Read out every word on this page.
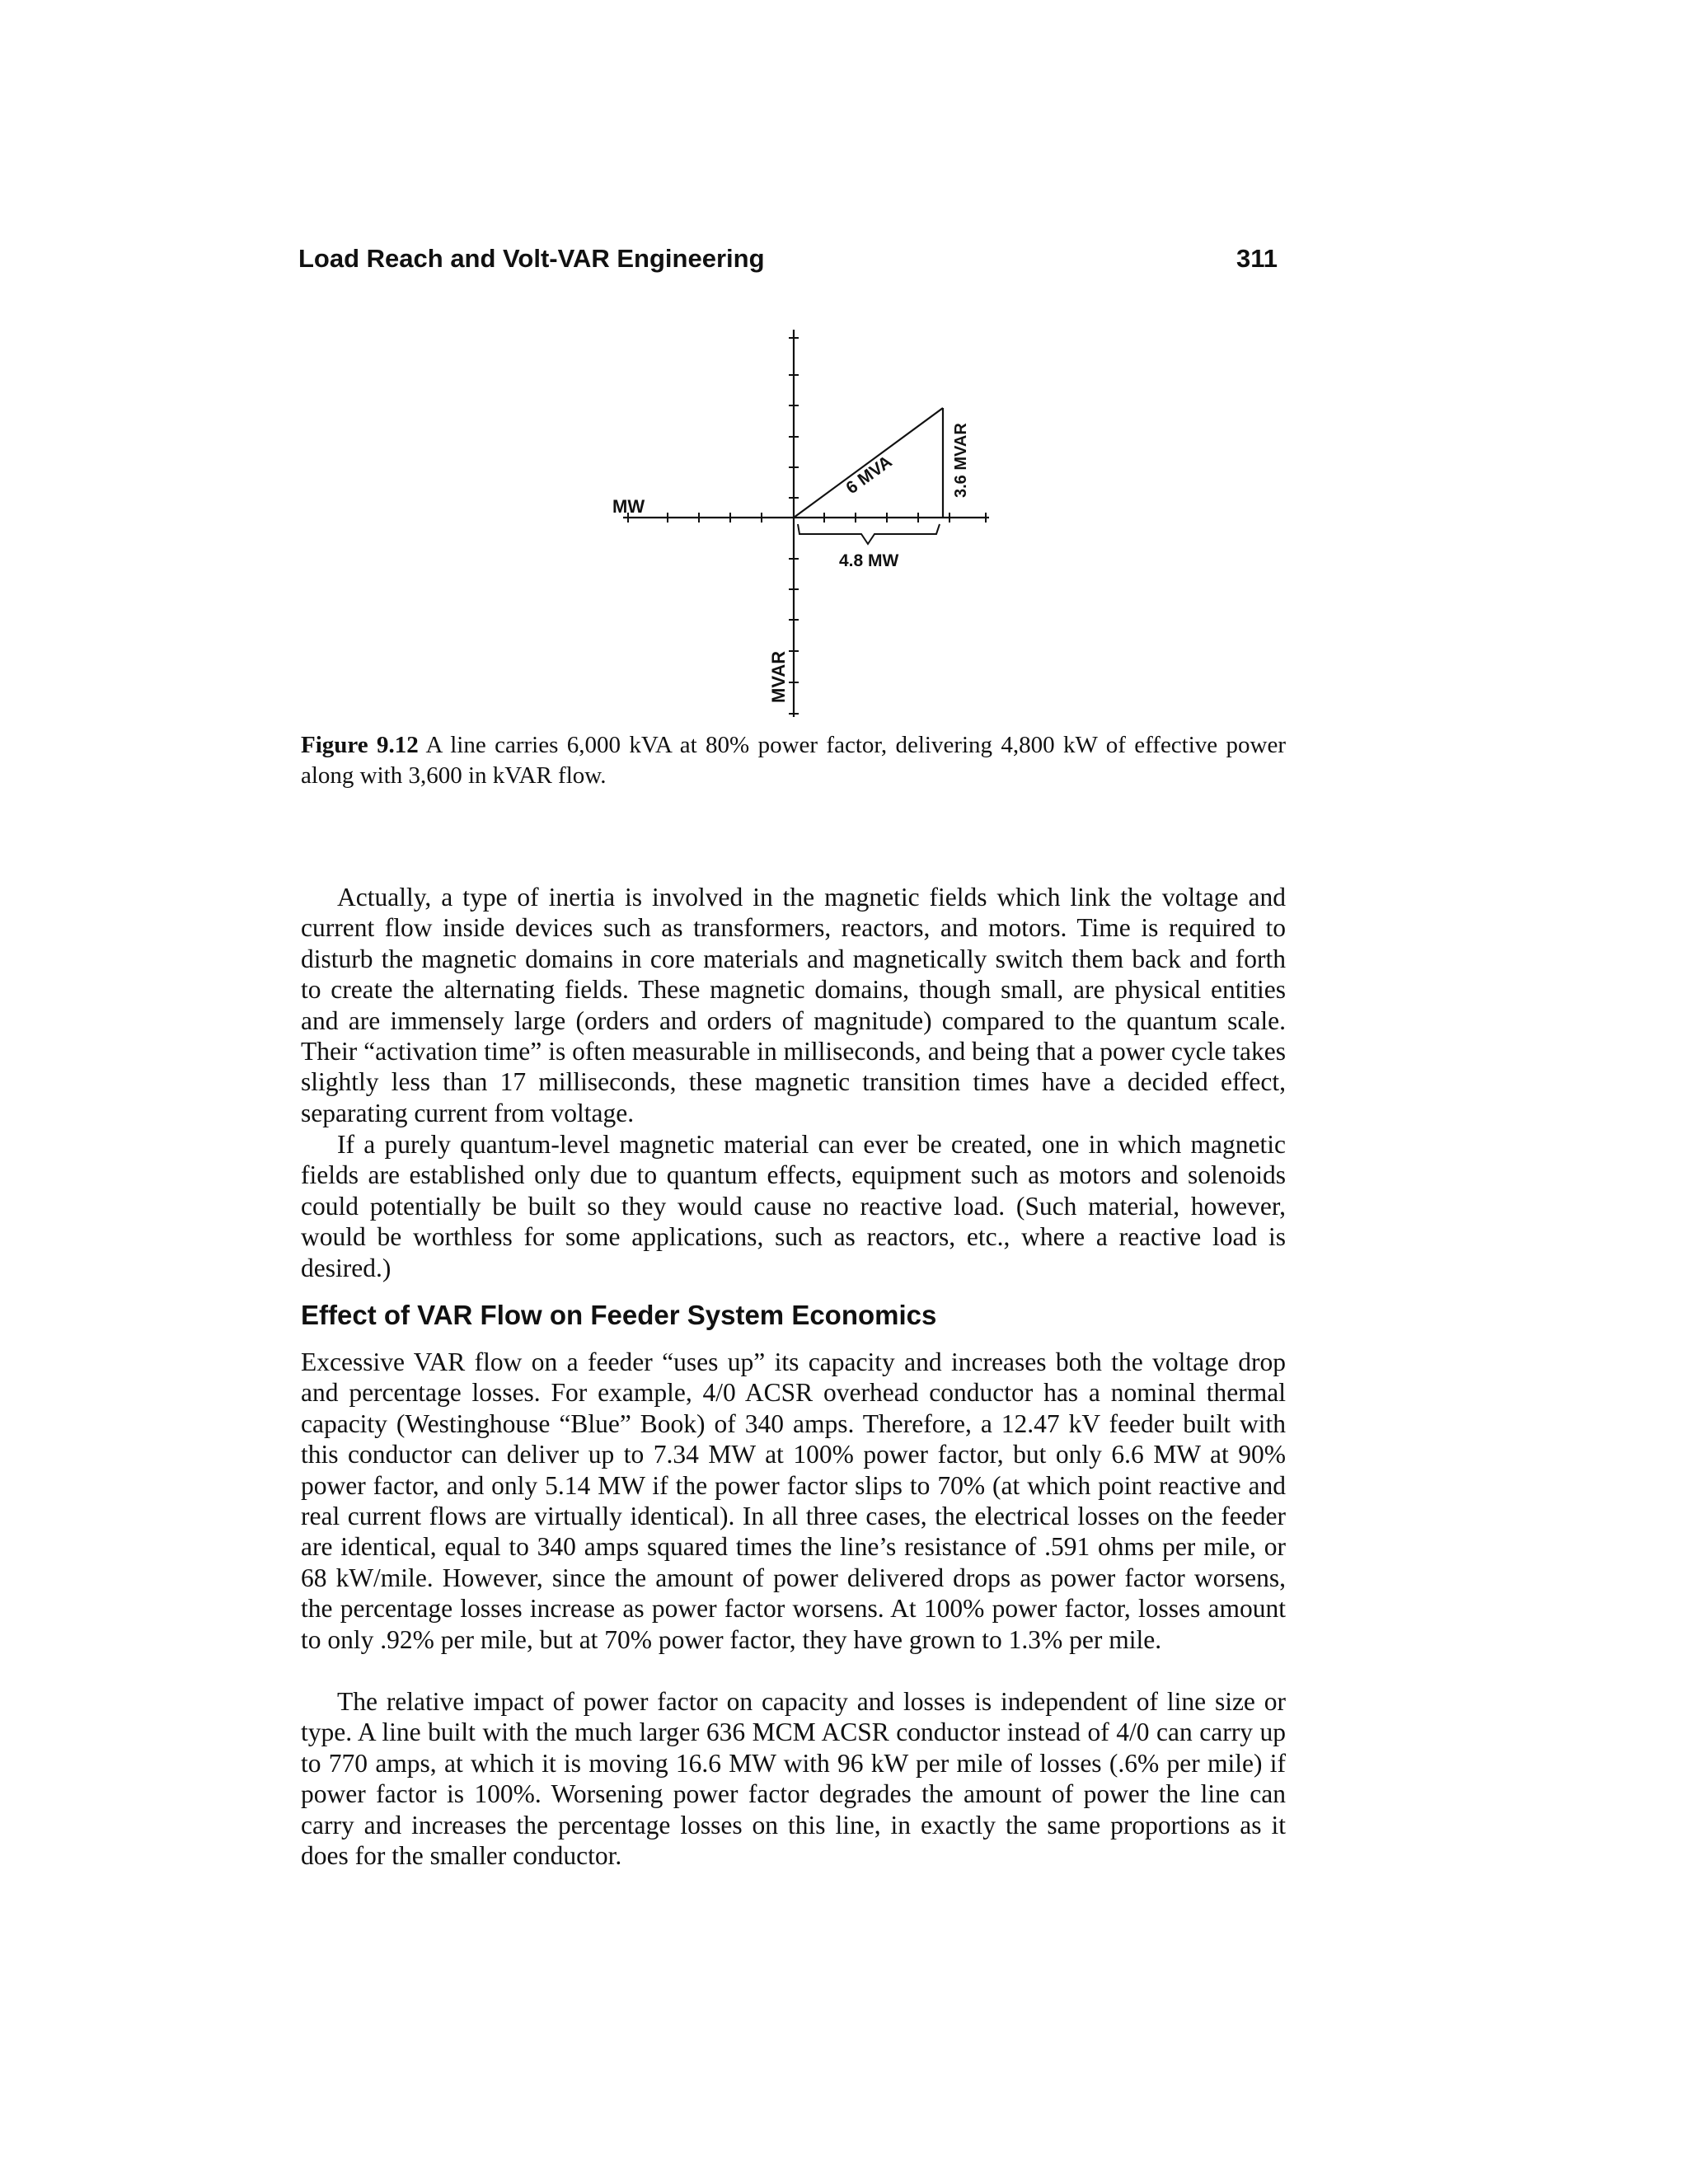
Load Reach and Volt-VAR Engineering	311
MW
6 MVA	3.6 MVAR
4.8 MW
MVAR
Figure 9.12 A line carries 6,000 kVA at 80% power factor, delivering 4,800 kW of effective power along with 3,600 in kVAR flow.

Actually, a type of inertia is involved in the magnetic fields which link the voltage and current flow inside devices such as transformers, reactors, and motors. Time is required to disturb the magnetic domains in core materials and magnetically switch them back and forth to create the alternating fields. These magnetic domains, though small, are physical entities and are immensely large (orders and orders of magnitude) compared to the quantum scale. Their “activation time” is often measurable in milliseconds, and being that a power cycle takes slightly less than 17 milliseconds, these magnetic transition times have a decided effect, separating current from voltage.

If a purely quantum-level magnetic material can ever be created, one in which magnetic fields are established only due to quantum effects, equipment such as motors and solenoids could potentially be built so they would cause no reactive load. (Such material, however, would be worthless for some applications, such as reactors, etc., where a reactive load is desired.)

Effect of VAR Flow on Feeder System Economics

Excessive VAR flow on a feeder “uses up” its capacity and increases both the voltage drop and percentage losses. For example, 4/0 ACSR overhead conductor has a nominal thermal capacity (Westinghouse “Blue” Book) of 340 amps. Therefore, a 12.47 kV feeder built with this conductor can deliver up to 7.34 MW at 100% power factor, but only 6.6 MW at 90% power factor, and only 5.14 MW if the power factor slips to 70% (at which point reactive and real current flows are virtually identical). In all three cases, the electrical losses on the feeder are identical, equal to 340 amps squared times the line’s resistance of .591 ohms per mile, or 68 kW/mile. However, since the amount of power delivered drops as power factor worsens, the percentage losses increase as power factor worsens. At 100% power factor, losses amount to only .92% per mile, but at 70% power factor, they have grown to 1.3% per mile.

The relative impact of power factor on capacity and losses is independent of line size or type. A line built with the much larger 636 MCM ACSR conductor instead of 4/0 can carry up to 770 amps, at which it is moving 16.6 MW with 96 kW per mile of losses (.6% per mile) if power factor is 100%. Worsening power factor degrades the amount of power the line can carry and increases the percentage losses on this line, in exactly the same proportions as it does for the smaller conductor.
